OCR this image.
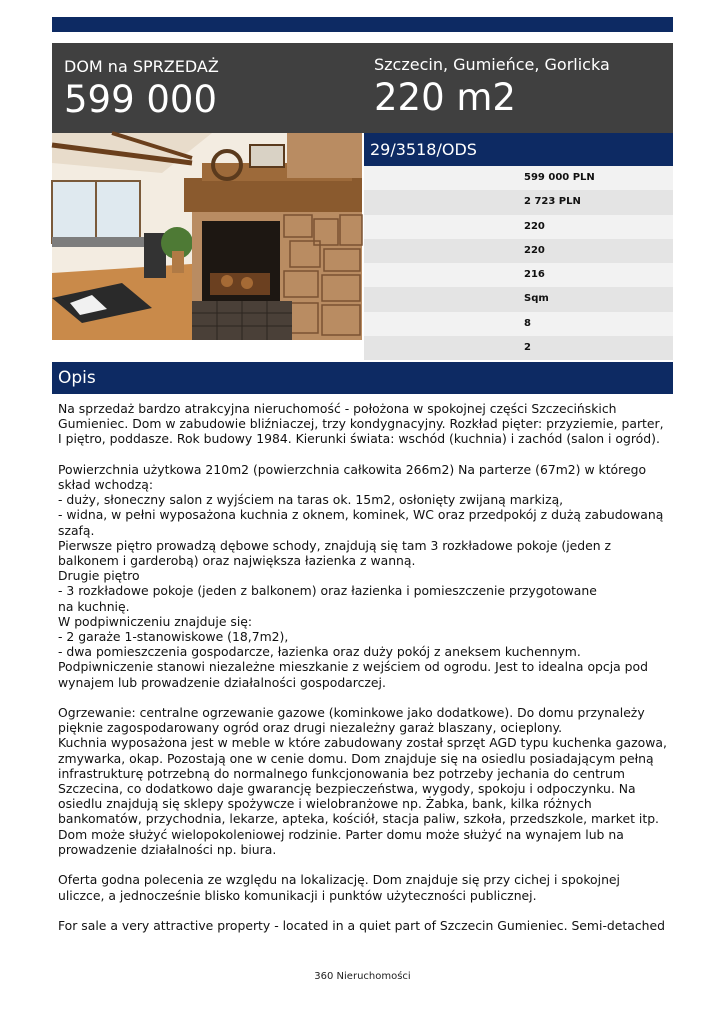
DOM na SPRZEDAŻ
599 000
Szczecin, Gumieńce, Gorlicka
220 m2
29/3518/ODS
599 000 PLN
2 723 PLN
220
220
216
Sqm
8
2
Opis
Na sprzedaż bardzo atrakcyjna nieruchomość - położona w spokojnej części Szczecińskich Gumieniec. Dom w zabudowie bliźniaczej, trzy kondygnacyjny. Rozkład pięter: przyziemie, parter, I piętro, poddasze. Rok budowy 1984. Kierunki świata: wschód (kuchnia) i zachód (salon i ogród).

Powierzchnia użytkowa 210m2 (powierzchnia całkowita 266m2) Na parterze (67m2) w którego skład wchodzą:
- duży, słoneczny salon z wyjściem na taras ok. 15m2, osłonięty zwijaną markizą,
- widna, w pełni wyposażona kuchnia z oknem, kominek, WC oraz przedpokój z dużą zabudowaną szafą.
Pierwsze piętro prowadzą dębowe schody, znajdują się tam 3 rozkładowe pokoje (jeden z balkonem i garderobą) oraz największa łazienka z wanną.
Drugie piętro
- 3 rozkładowe pokoje (jeden z balkonem) oraz łazienka i pomieszczenie przygotowane
na kuchnię.
W podpiwniczeniu znajduje się:
- 2 garaże 1-stanowiskowe (18,7m2),
- dwa pomieszczenia gospodarcze, łazienka oraz duży pokój z aneksem kuchennym.
Podpiwniczenie stanowi niezależne mieszkanie z wejściem od ogrodu. Jest to idealna opcja pod wynajem lub prowadzenie działalności gospodarczej.

Ogrzewanie: centralne ogrzewanie gazowe (kominkowe jako dodatkowe). Do domu przynależy pięknie zagospodarowany ogród oraz drugi niezależny garaż blaszany, ocieplony.
Kuchnia wyposażona jest w meble w które zabudowany został sprzęt AGD typu kuchenka gazowa, zmywarka, okap. Pozostają one w cenie domu. Dom znajduje się na osiedlu posiadającym pełną infrastrukturę potrzebną do normalnego funkcjonowania bez potrzeby jechania do centrum Szczecina, co dodatkowo daje gwarancję bezpieczeństwa, wygody, spokoju i odpoczynku. Na osiedlu znajdują się sklepy spożywcze i wielobranżowe np. Żabka, bank, kilka różnych bankomatów, przychodnia, lekarze, apteka, kościół, stacja paliw, szkoła, przedszkole, market itp. Dom może służyć wielopokoleniowej rodzinie. Parter domu może służyć na wynajem lub na prowadzenie działalności np. biura.

Oferta godna polecenia ze względu na lokalizację. Dom znajduje się przy cichej i spokojnej uliczce, a jednocześnie blisko komunikacji i punktów użyteczności publicznej.

For sale a very attractive property - located in a quiet part of Szczecin Gumieniec. Semi-detached
360 Nieruchomości
